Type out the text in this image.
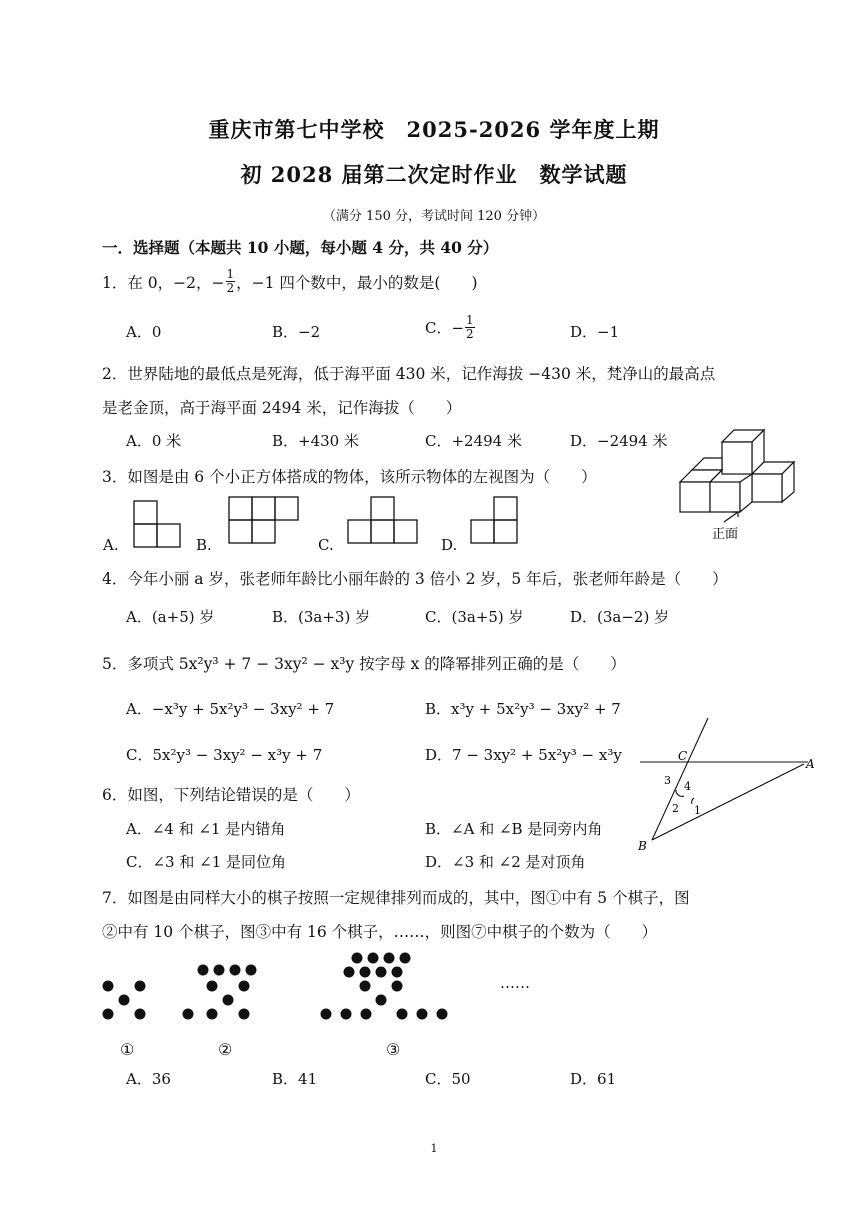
重庆市第七中学校　2025-2026 学年度上期
初 2028 届第二次定时作业　数学试题
（满分 150 分，考试时间 120 分钟）
一．选择题（本题共 10 小题，每小题 4 分，共 40 分）
1．在 0，−2，− $\frac{1}{2}$ ，−1 四个数中，最小的数是(　　)
A．0	B．−2	C．− $\frac{1}{2}$	D．−1
2．世界陆地的最低点是死海，低于海平面 430 米，记作海拔 −430 米，梵净山的最高点
是老金顶，高于海平面 2494 米，记作海拔（　　）
A．0 米	B．+430 米	C．+2494 米	D．−2494 米
3．如图是由 6 个小正方体搭成的物体，该所示物体的左视图为（　　）
正面
A.	B.	C.	D.
4．今年小丽 a 岁，张老师年龄比小丽年龄的 3 倍小 2 岁，5 年后，张老师年龄是（　　）
A．(a+5) 岁	B．(3a+3) 岁	C．(3a+5) 岁	D．(3a−2) 岁
5．多项式 5x²y³ + 7 − 3xy² − x³y 按字母 x 的降幂排列正确的是（　　）
A．−x³y + 5x²y³ − 3xy² + 7	B．x³y + 5x²y³ − 3xy² + 7
C．5x²y³ − 3xy² − x³y + 7	D．7 − 3xy² + 5x²y³ − x³y	C
A
B
3 4
2 1
6．如图，下列结论错误的是（　　）
A．∠4 和 ∠1 是内错角	B．∠A 和 ∠B 是同旁内角
C．∠3 和 ∠1 是同位角	D．∠3 和 ∠2 是对顶角
7．如图是由同样大小的棋子按照一定规律排列而成的，其中，图①中有 5 个棋子，图
②中有 10 个棋子，图③中有 16 个棋子，……，则图⑦中棋子的个数为（　　）
……
①	②	③
A．36	B．41	C．50	D．61
1
